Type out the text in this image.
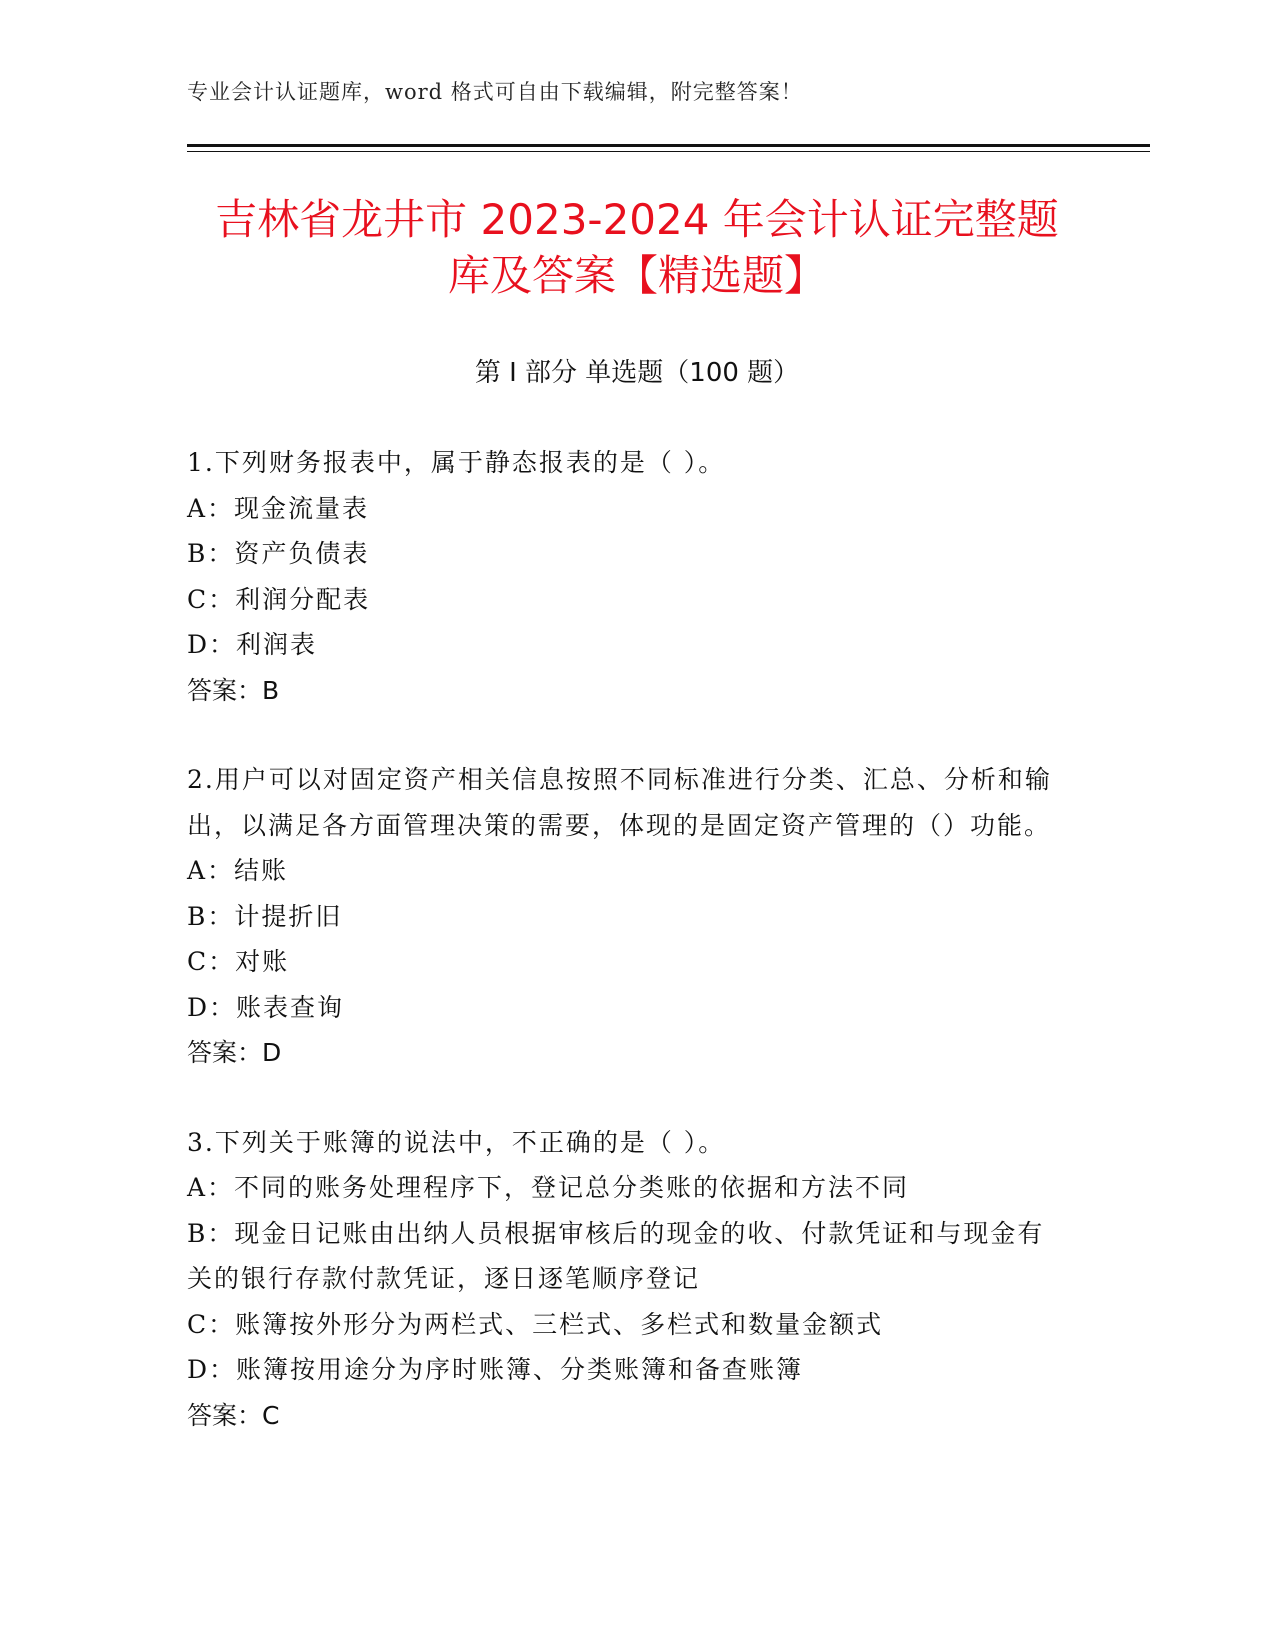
专业会计认证题库，word 格式可自由下载编辑，附完整答案！
吉林省龙井市 2023-2024 年会计认证完整题
库及答案【精选题】
第 I 部分 单选题（100 题）
1.下列财务报表中，属于静态报表的是（ ）。
A：现金流量表
B：资产负债表
C：利润分配表
D：利润表
答案：B
2.用户可以对固定资产相关信息按照不同标准进行分类、汇总、分析和输出，以满足各方面管理决策的需要，体现的是固定资产管理的（）功能。
A：结账
B：计提折旧
C：对账
D：账表查询
答案：D
3.下列关于账簿的说法中，不正确的是（ ）。
A：不同的账务处理程序下，登记总分类账的依据和方法不同
B：现金日记账由出纳人员根据审核后的现金的收、付款凭证和与现金有关的银行存款付款凭证，逐日逐笔顺序登记
C：账簿按外形分为两栏式、三栏式、多栏式和数量金额式
D：账簿按用途分为序时账簿、分类账簿和备查账簿
答案：C
